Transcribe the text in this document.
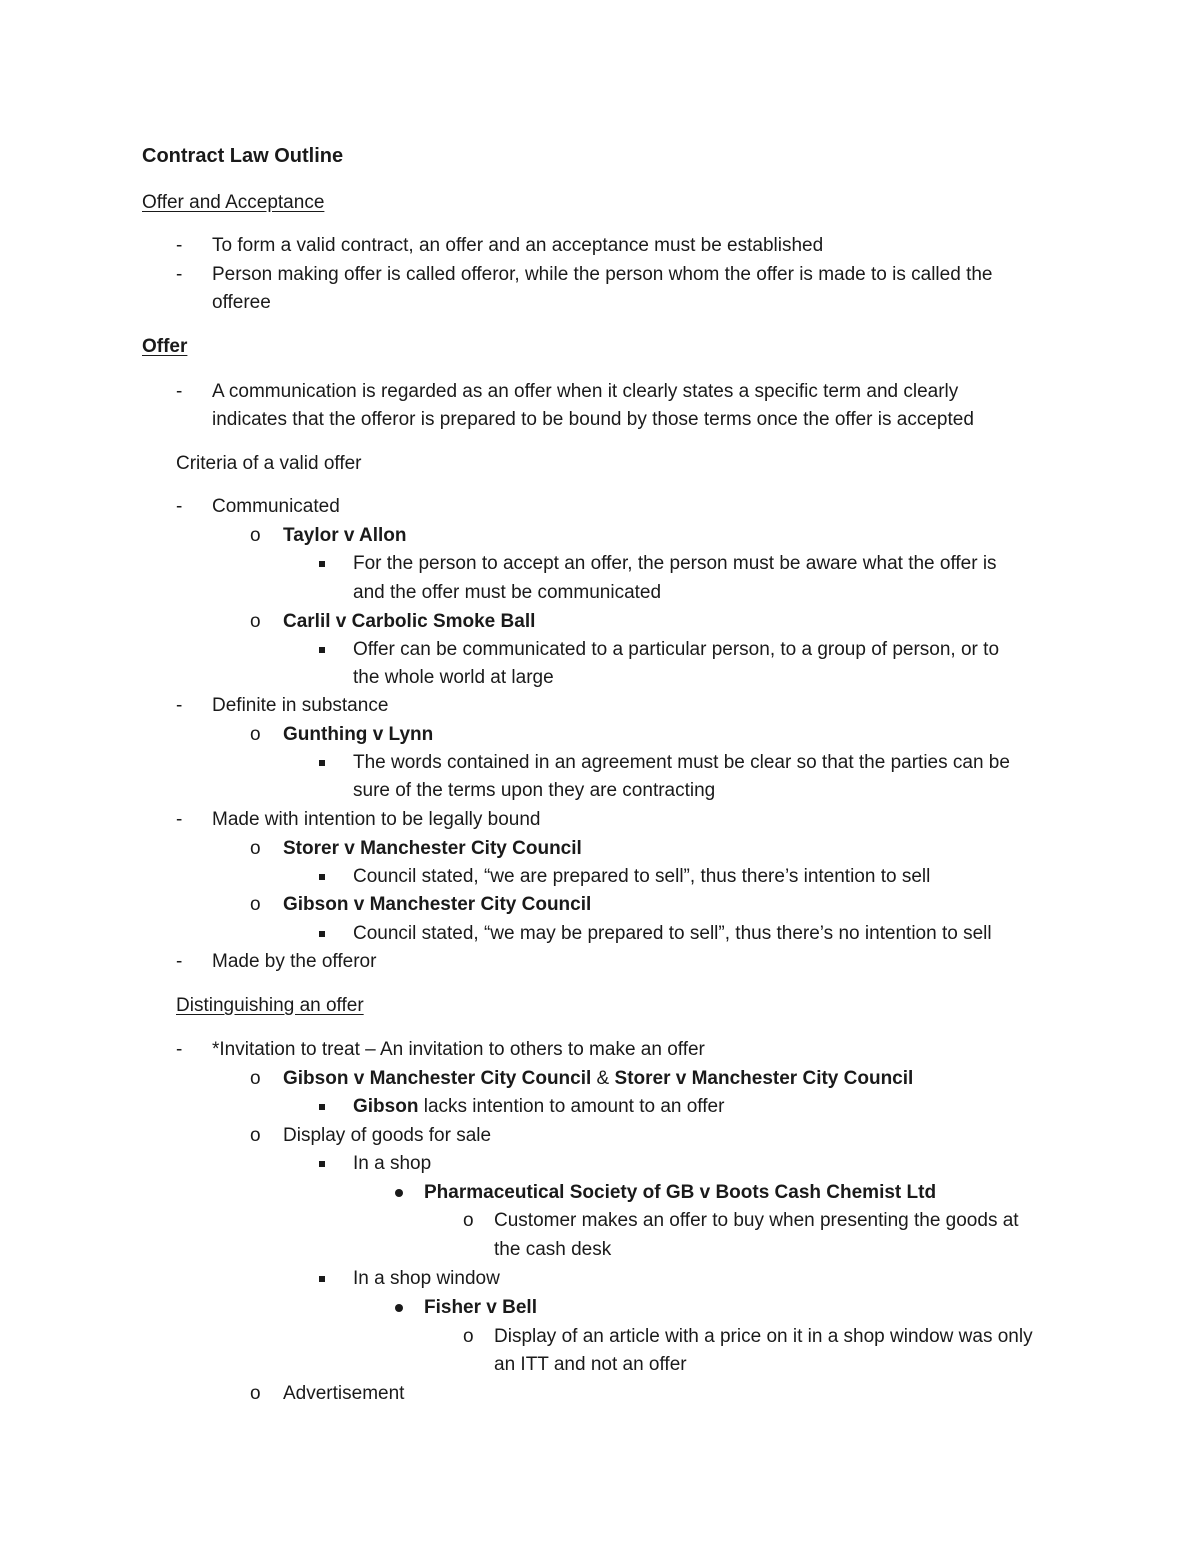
Contract Law Outline
Offer and Acceptance
- To form a valid contract, an offer and an acceptance must be established
- Person making offer is called offeror, while the person whom the offer is made to is called the
offeree
Offer
- A communication is regarded as an offer when it clearly states a specific term and clearly
indicates that the offeror is prepared to be bound by those terms once the offer is accepted
Criteria of a valid offer
- Communicated
o Taylor v Allon
For the person to accept an offer, the person must be aware what the offer is
and the offer must be communicated
o Carlil v Carbolic Smoke Ball
Offer can be communicated to a particular person, to a group of person, or to
the whole world at large
- Definite in substance
o Gunthing v Lynn
The words contained in an agreement must be clear so that the parties can be
sure of the terms upon they are contracting
- Made with intention to be legally bound
o Storer v Manchester City Council
Council stated, “we are prepared to sell”, thus there’s intention to sell
o Gibson v Manchester City Council
Council stated, “we may be prepared to sell”, thus there’s no intention to sell
- Made by the offeror
Distinguishing an offer
- *Invitation to treat – An invitation to others to make an offer
o Gibson v Manchester City Council & Storer v Manchester City Council
Gibson lacks intention to amount to an offer
o Display of goods for sale
In a shop
Pharmaceutical Society of GB v Boots Cash Chemist Ltd
o Customer makes an offer to buy when presenting the goods at
the cash desk
In a shop window
Fisher v Bell
o Display of an article with a price on it in a shop window was only
an ITT and not an offer
o Advertisement
